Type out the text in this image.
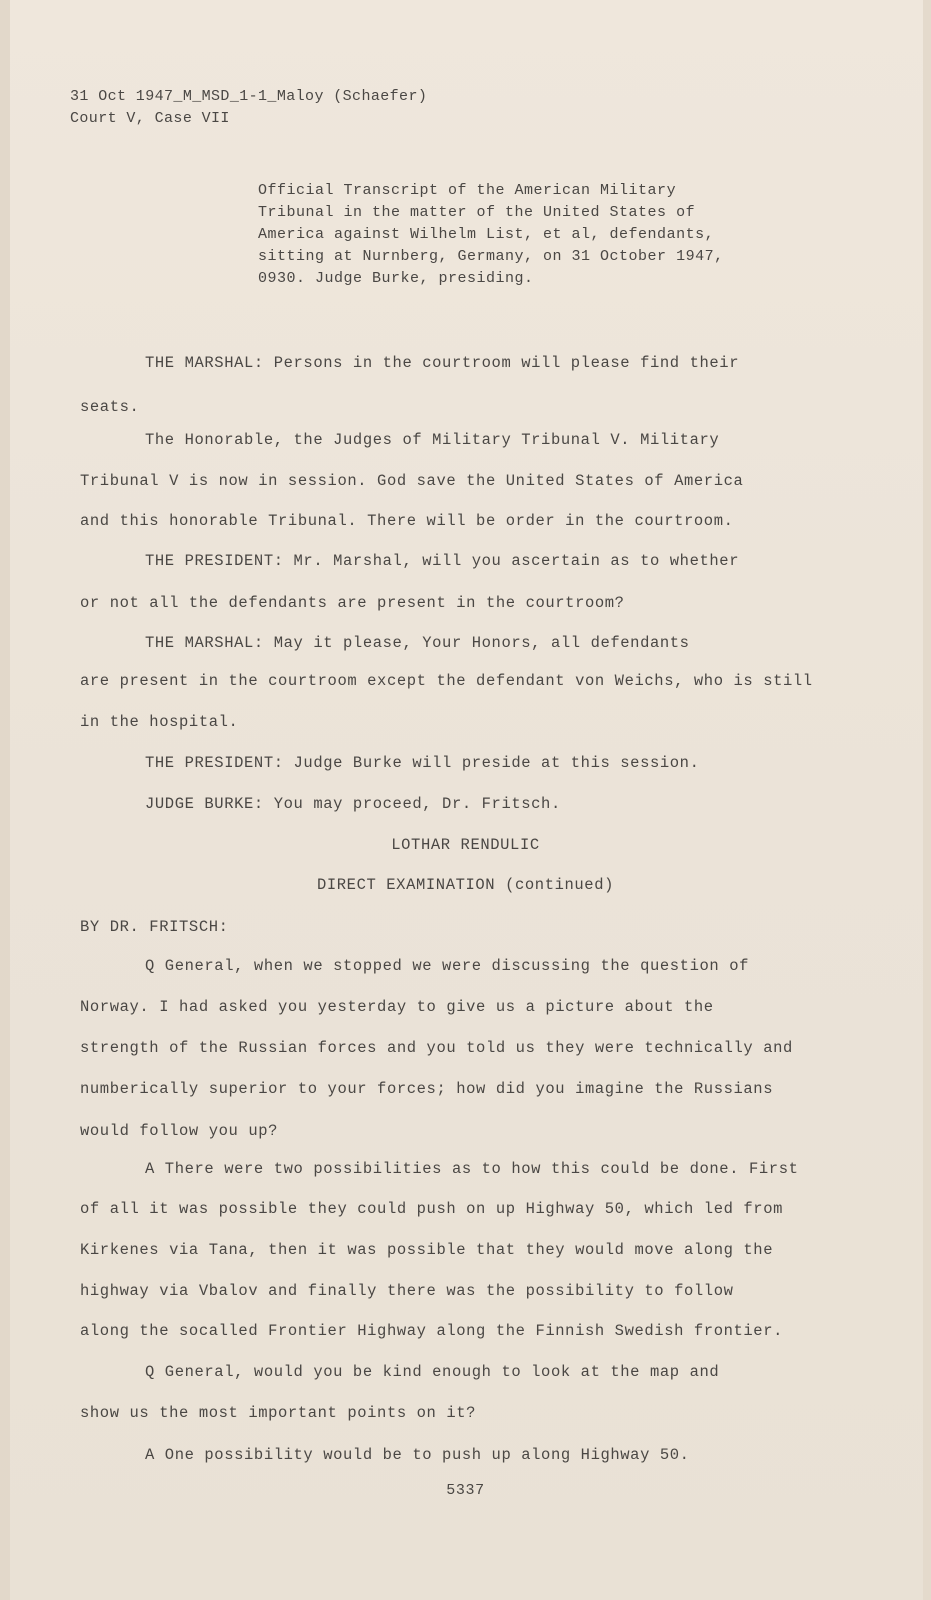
31 Oct 1947_M_MSD_1-1_Maloy (Schaefer)
Court V, Case VII
Official Transcript of the American Military
Tribunal in the matter of the United States of
America against Wilhelm List, et al, defendants,
sitting at Nurnberg, Germany, on 31 October 1947,
0930. Judge Burke, presiding.
THE MARSHAL: Persons in the courtroom will please find their
seats.
The Honorable, the Judges of Military Tribunal V. Military
Tribunal V is now in session. God save the United States of America
and this honorable Tribunal. There will be order in the courtroom.
THE PRESIDENT: Mr. Marshal, will you ascertain as to whether
or not all the defendants are present in the courtroom?
THE MARSHAL: May it please, Your Honors, all defendants
are present in the courtroom except the defendant von Weichs, who is still
in the hospital.
THE PRESIDENT: Judge Burke will preside at this session.
JUDGE BURKE: You may proceed, Dr. Fritsch.
LOTHAR RENDULIC
DIRECT EXAMINATION (continued)
BY DR. FRITSCH:
Q General, when we stopped we were discussing the question of
Norway. I had asked you yesterday to give us a picture about the
strength of the Russian forces and you told us they were technically and
numberically superior to your forces; how did you imagine the Russians
would follow you up?
A There were two possibilities as to how this could be done. First
of all it was possible they could push on up Highway 50, which led from
Kirkenes via Tana, then it was possible that they would move along the
highway via Vbalov and finally there was the possibility to follow
along the socalled Frontier Highway along the Finnish Swedish frontier.
Q General, would you be kind enough to look at the map and
show us the most important points on it?
A One possibility would be to push up along Highway 50.
5337
